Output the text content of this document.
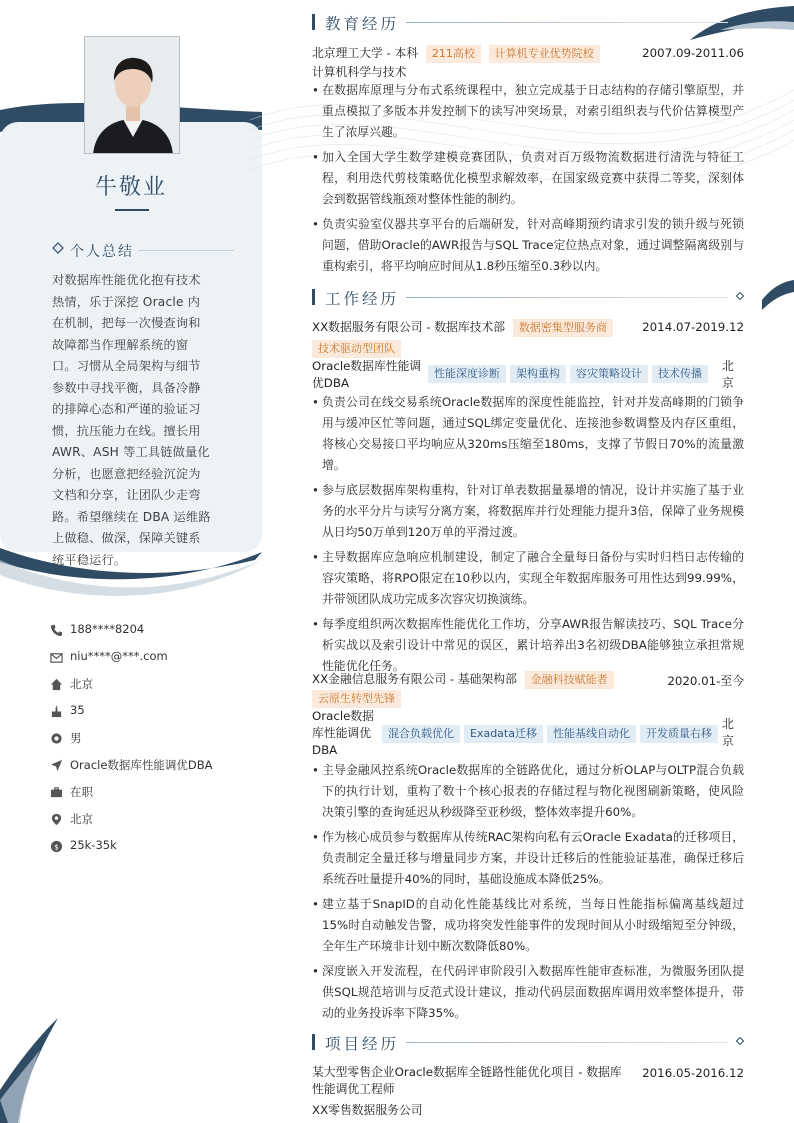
牛敬业
个人总结
对数据库性能优化抱有技术热情，乐于深挖 Oracle 内在机制，把每一次慢查询和故障都当作理解系统的窗口。习惯从全局架构与细节参数中寻找平衡，具备冷静的排障心态和严谨的验证习惯，抗压能力在线。擅长用 AWR、ASH 等工具链做量化分析，也愿意把经验沉淀为文档和分享，让团队少走弯路。希望继续在 DBA 运维路上做稳、做深，保障关键系统平稳运行。
188****8204
niu****@***.com
北京
35
男
Oracle数据库性能调优DBA
在职
北京
$ 25k-35k
教育经历
北京理工大学 - 本科 211高校 计算机专业优势院校	2007.09-2011.06
计算机科学与技术
• 在数据库原理与分布式系统课程中，独立完成基于日志结构的存储引擎原型，并重点模拟了多版本并发控制下的读写冲突场景，对索引组织表与代价估算模型产生了浓厚兴趣。
• 加入全国大学生数学建模竞赛团队，负责对百万级物流数据进行清洗与特征工程，利用迭代剪枝策略优化模型求解效率，在国家级竞赛中获得二等奖，深刻体会到数据管线瓶颈对整体性能的制约。
• 负责实验室仪器共享平台的后端研发，针对高峰期预约请求引发的锁升级与死锁问题，借助Oracle的AWR报告与SQL Trace定位热点对象，通过调整隔离级别与重构索引，将平均响应时间从1.8秒压缩至0.3秒以内。
工作经历
XX数据服务有限公司 - 数据库技术部 数据密集型服务商	2014.07-2019.12
技术驱动型团队
Oracle数据库性能调优DBA
性能深度诊断 架构重构 容灾策略设计 技术传播
北京
• 负责公司在线交易系统Oracle数据库的深度性能监控，针对并发高峰期的门锁争用与缓冲区忙等问题，通过SQL绑定变量优化、连接池参数调整及内存区重组，将核心交易接口平均响应从320ms压缩至180ms，支撑了节假日70%的流量激增。
• 参与底层数据库架构重构，针对订单表数据量暴增的情况，设计并实施了基于业务的水平分片与读写分离方案，将数据库并行处理能力提升3倍，保障了业务规模从日均50万单到120万单的平滑过渡。
• 主导数据库应急响应机制建设，制定了融合全量每日备份与实时归档日志传输的容灾策略，将RPO限定在10秒以内，实现全年数据库服务可用性达到99.99%，并带领团队成功完成多次容灾切换演练。
• 每季度组织两次数据库性能优化工作坊，分享AWR报告解读技巧、SQL Trace分析实战以及索引设计中常见的误区，累计培养出3名初级DBA能够独立承担常规性能优化任务。
XX金融信息服务有限公司 - 基础架构部 金融科技赋能者	2020.01-至今
云原生转型先锋
Oracle数据库性能调优DBA
混合负载优化 Exadata迁移 性能基线自动化 开发质量右移
北京
• 主导金融风控系统Oracle数据库的全链路优化，通过分析OLAP与OLTP混合负载下的执行计划，重构了数十个核心报表的存储过程与物化视图刷新策略，使风险决策引擎的查询延迟从秒级降至亚秒级，整体效率提升60%。
• 作为核心成员参与数据库从传统RAC架构向私有云Oracle Exadata的迁移项目，负责制定全量迁移与增量同步方案，并设计迁移后的性能验证基准，确保迁移后系统吞吐量提升40%的同时，基础设施成本降低25%。
• 建立基于SnapID的自动化性能基线比对系统，当每日性能指标偏离基线超过15%时自动触发告警，成功将突发性能事件的发现时间从小时级缩短至分钟级，全年生产环境非计划中断次数降低80%。
• 深度嵌入开发流程，在代码评审阶段引入数据库性能审查标准，为微服务团队提供SQL规范培训与反范式设计建议，推动代码层面数据库调用效率整体提升，带动的业务投诉率下降35%。
项目经历
某大型零售企业Oracle数据库全链路性能优化项目 - 数据库性能调优工程师
2016.05-2016.12
XX零售数据服务公司
